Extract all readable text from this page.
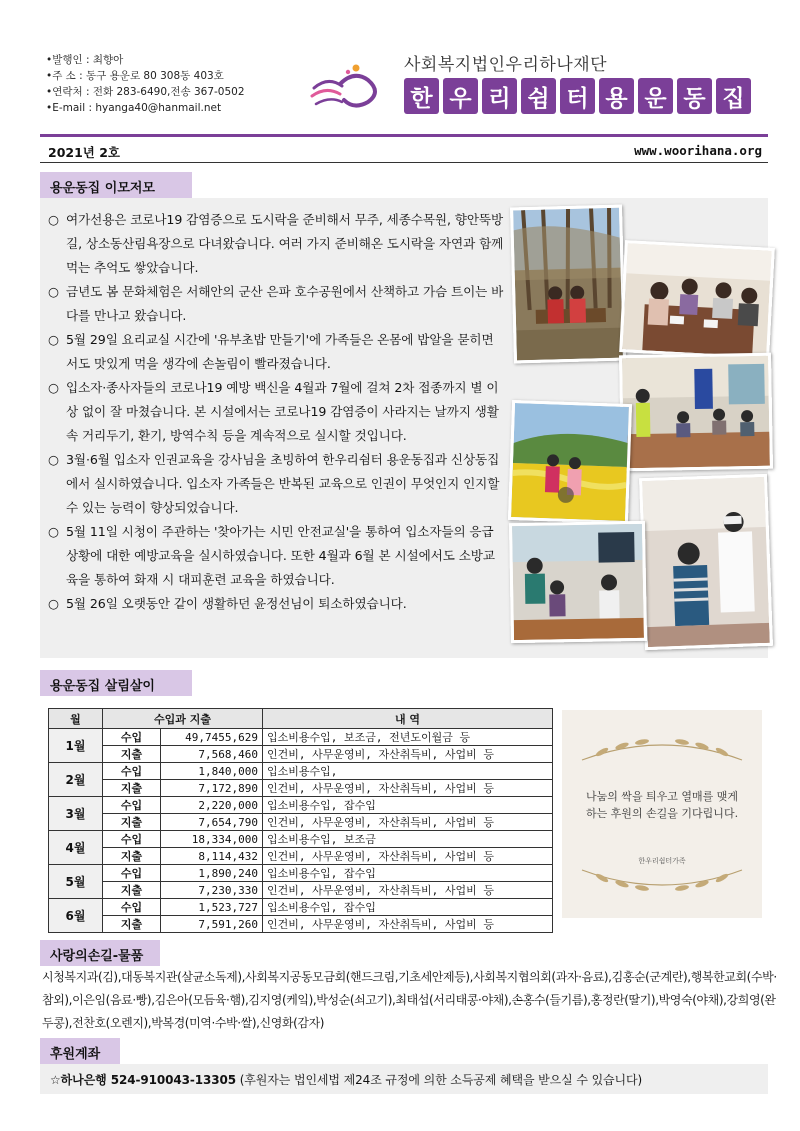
•발행인 : 최향아
•주 소 : 동구 용운로 80 308동 403호
•연락처 : 전화 283-6490,전송 367-0502
•E-mail : hyanga40@hanmail.net
사회복지법인우리하나재단
한 우 리 쉼 터 용 운 동 집
2021년 2호	www.woorihana.org
용운동집 이모저모
○ 여가선용은 코로나19 감염증으로 도시락을 준비해서 무주, 세종수목원, 향안뚝방길, 상소동산림욕장으로 다녀왔습니다. 여러 가지 준비해온 도시락을 자연과 함께 먹는 추억도 쌓았습니다.
○ 금년도 봄 문화체험은 서해안의 군산 은파 호수공원에서 산책하고 가슴 트이는 바다를 만나고 왔습니다.
○ 5월 29일 요리교실 시간에 '유부초밥 만들기'에 가족들은 온몸에 밥알을 묻히면서도 맛있게 먹을 생각에 손놀림이 빨라졌습니다.
○ 입소자·종사자들의 코로나19 예방 백신을 4월과 7월에 걸쳐 2차 접종까지 별 이상 없이 잘 마쳤습니다. 본 시설에서는 코로나19 감염증이 사라지는 날까지 생활속 거리두기, 환기, 방역수칙 등을 계속적으로 실시할 것입니다.
○ 3월·6월 입소자 인권교육을 강사님을 초빙하여 한우리쉼터 용운동집과 신상동집에서 실시하였습니다. 입소자 가족들은 반복된 교육으로 인권이 무엇인지 인지할 수 있는 능력이 향상되었습니다.
○ 5월 11일 시청이 주관하는 '찾아가는 시민 안전교실'을 통하여 입소자들의 응급상황에 대한 예방교육을 실시하였습니다. 또한 4월과 6월 본 시설에서도 소방교육을 통하여 화재 시 대피훈련 교육을 하였습니다.
○ 5월 26일 오랫동안 같이 생활하던 윤정선님이 퇴소하였습니다.
용운동집 살림살이
월	수입과 지출		내 역
1월	수입	49,7455,629	입소비용수입, 보조금, 전년도이월금 등
	지출	7,568,460	인건비, 사무운영비, 자산취득비, 사업비 등
2월	수입	1,840,000	입소비용수입,
	지출	7,172,890	인건비, 사무운영비, 자산취득비, 사업비 등
3월	수입	2,220,000	입소비용수입, 잡수입
	지출	7,654,790	인건비, 사무운영비, 자산취득비, 사업비 등
4월	수입	18,334,000	입소비용수입, 보조금
	지출	8,114,432	인건비, 사무운영비, 자산취득비, 사업비 등
5월	수입	1,890,240	입소비용수입, 잡수입
	지출	7,230,330	인건비, 사무운영비, 자산취득비, 사업비 등
6월	수입	1,523,727	입소비용수입, 잡수입
	지출	7,591,260	인건비, 사무운영비, 자산취득비, 사업비 등
나눔의 싹을 틔우고 열매를 맺게 하는 후원의 손길을 기다립니다.
한우리쉼터가족
사랑의손길-물품
시청복지과(김),대동복지관(살균소독제),사회복지공동모금회(핸드크림,기초세안제등),사회복지협의회(과자·음료),김홍순(군계란),행복한교회(수박·참외),이은임(음료·빵),김은아(모듬육·햄),김지영(케잌),박성순(쇠고기),최태섭(서리태콩·야채),손홍수(들기름),홍정란(딸기),박영숙(야채),강희영(완두콩),전찬호(오렌지),박복경(미역·수박·쌀),신영화(감자)
후원계좌
☆하나은행 524-910043-13305 (후원자는 법인세법 제24조 규정에 의한 소득공제 혜택을 받으실 수 있습니다)
